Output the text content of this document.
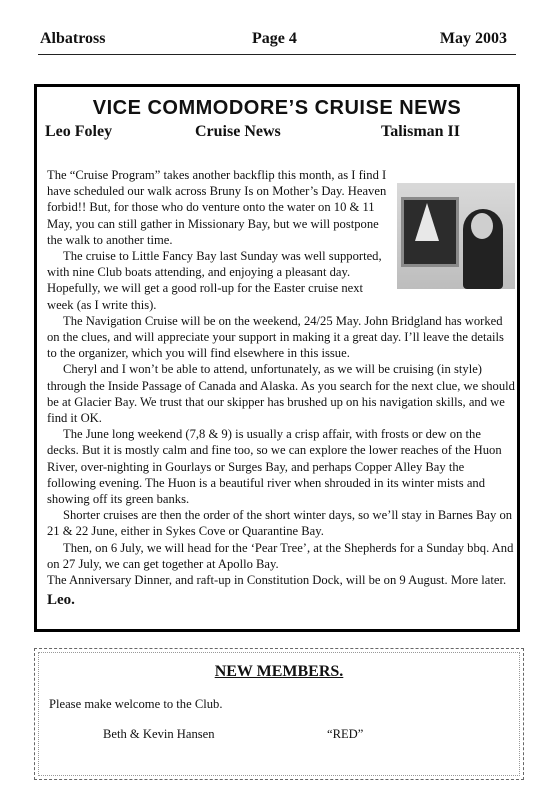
Albatross	Page 4	May 2003
VICE COMMODORE’S CRUISE NEWS
Leo Foley	Cruise News	Talisman II

The “Cruise Program” takes another backflip this month, as I find I have scheduled our walk across Bruny Is on Mother’s Day. Heaven forbid!! But, for those who do venture onto the water on 10 & 11 May, you can still gather in Missionary Bay, but we will postpone the walk to another time.

The cruise to Little Fancy Bay last Sunday was well supported, with nine Club boats attending, and enjoying a pleasant day. Hopefully, we will get a good roll-up for the Easter cruise next week (as I write this).

The Navigation Cruise will be on the weekend, 24/25 May. John Bridgland has worked on the clues, and will appreciate your support in making it a great day. I’ll leave the details to the organizer, which you will find elsewhere in this issue.

Cheryl and I won’t be able to attend, unfortunately, as we will be cruising (in style) through the Inside Passage of Canada and Alaska. As you search for the next clue, we should be at Glacier Bay. We trust that our skipper has brushed up on his navigation skills, and we find it OK.

The June long weekend (7,8 & 9) is usually a crisp affair, with frosts or dew on the decks. But it is mostly calm and fine too, so we can explore the lower reaches of the Huon River, over-nighting in Gourlays or Surges Bay, and perhaps Copper Alley Bay the following evening. The Huon is a beautiful river when shrouded in its winter mists and showing off its green banks.

Shorter cruises are then the order of the short winter days, so we’ll stay in Barnes Bay on 21 & 22 June, either in Sykes Cove or Quarantine Bay.

Then, on 6 July, we will head for the ‘Pear Tree’, at the Shepherds for a Sunday bbq. And on 27 July, we can get together at Apollo Bay.

The Anniversary Dinner, and raft-up in Constitution Dock, will be on 9 August. More later.

Leo.
NEW MEMBERS.
Please make welcome to the Club.
Beth & Kevin Hansen	“RED”
